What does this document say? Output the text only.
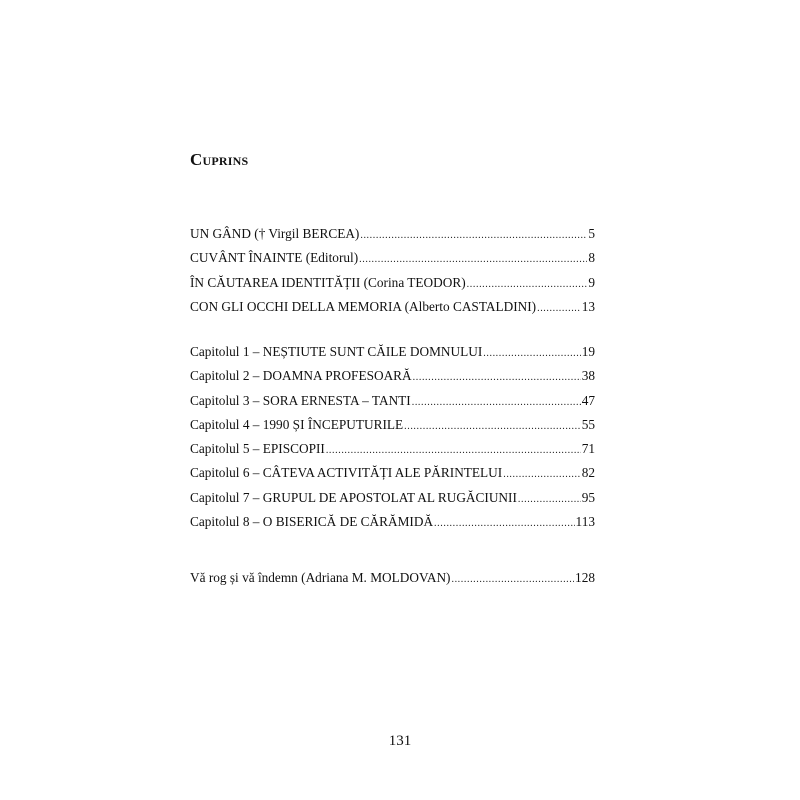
Cuprins
UN GÂND († Virgil BERCEA) .....	5
CUVÂNT ÎNAINTE (Editorul) .....	8
ÎN CĂUTAREA IDENTITĂȚII (Corina TEODOR) .....	9
CON GLI OCCHI DELLA MEMORIA (Alberto CASTALDINI) .....	13
Capitolul 1 – NEȘTIUTE SUNT CĂILE DOMNULUI .....	19
Capitolul 2 – DOAMNA PROFESOARĂ .....	38
Capitolul 3 – SORA ERNESTA – TANTI .....	47
Capitolul 4 – 1990 ȘI ÎNCEPUTURILE .....	55
Capitolul 5 – EPISCOPII .....	71
Capitolul 6 – CÂTEVA ACTIVITĂȚI ALE PĂRINTELUI .....	82
Capitolul 7 – GRUPUL DE APOSTOLAT AL RUGĂCIUNII .....	95
Capitolul 8 – O BISERICĂ DE CĂRĂMIDĂ .....	113
Vă rog și vă îndemn (Adriana M. MOLDOVAN) .....	128
131
